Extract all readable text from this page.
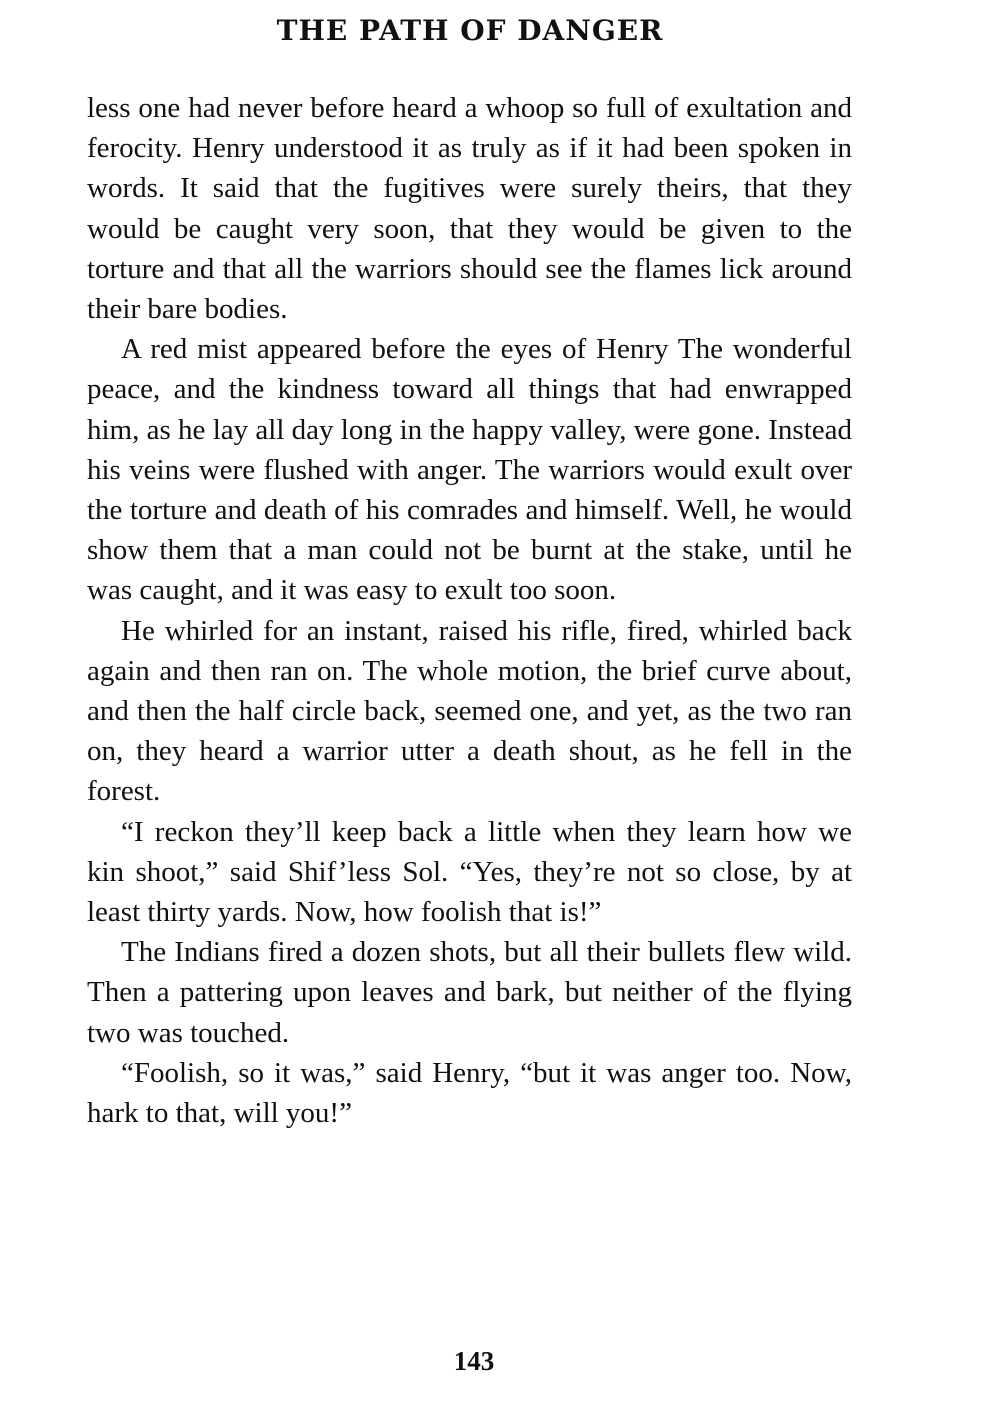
THE PATH OF DANGER

less one had never before heard a whoop so full of exultation and ferocity. Henry understood it as truly as if it had been spoken in words. It said that the fugitives were surely theirs, that they would be caught very soon, that they would be given to the torture and that all the warriors should see the flames lick around their bare bodies.

A red mist appeared before the eyes of Henry The wonderful peace, and the kindness toward all things that had enwrapped him, as he lay all day long in the happy valley, were gone. Instead his veins were flushed with anger. The warriors would exult over the torture and death of his comrades and himself. Well, he would show them that a man could not be burnt at the stake, until he was caught, and it was easy to exult too soon.

He whirled for an instant, raised his rifle, fired, whirled back again and then ran on. The whole motion, the brief curve about, and then the half circle back, seemed one, and yet, as the two ran on, they heard a warrior utter a death shout, as he fell in the forest.

“I reckon they’ll keep back a little when they learn how we kin shoot,” said Shif’less Sol. “Yes, they’re not so close, by at least thirty yards. Now, how foolish that is!”

The Indians fired a dozen shots, but all their bullets flew wild. Then a pattering upon leaves and bark, but neither of the flying two was touched.

“Foolish, so it was,” said Henry, “but it was anger too. Now, hark to that, will you!”

143
